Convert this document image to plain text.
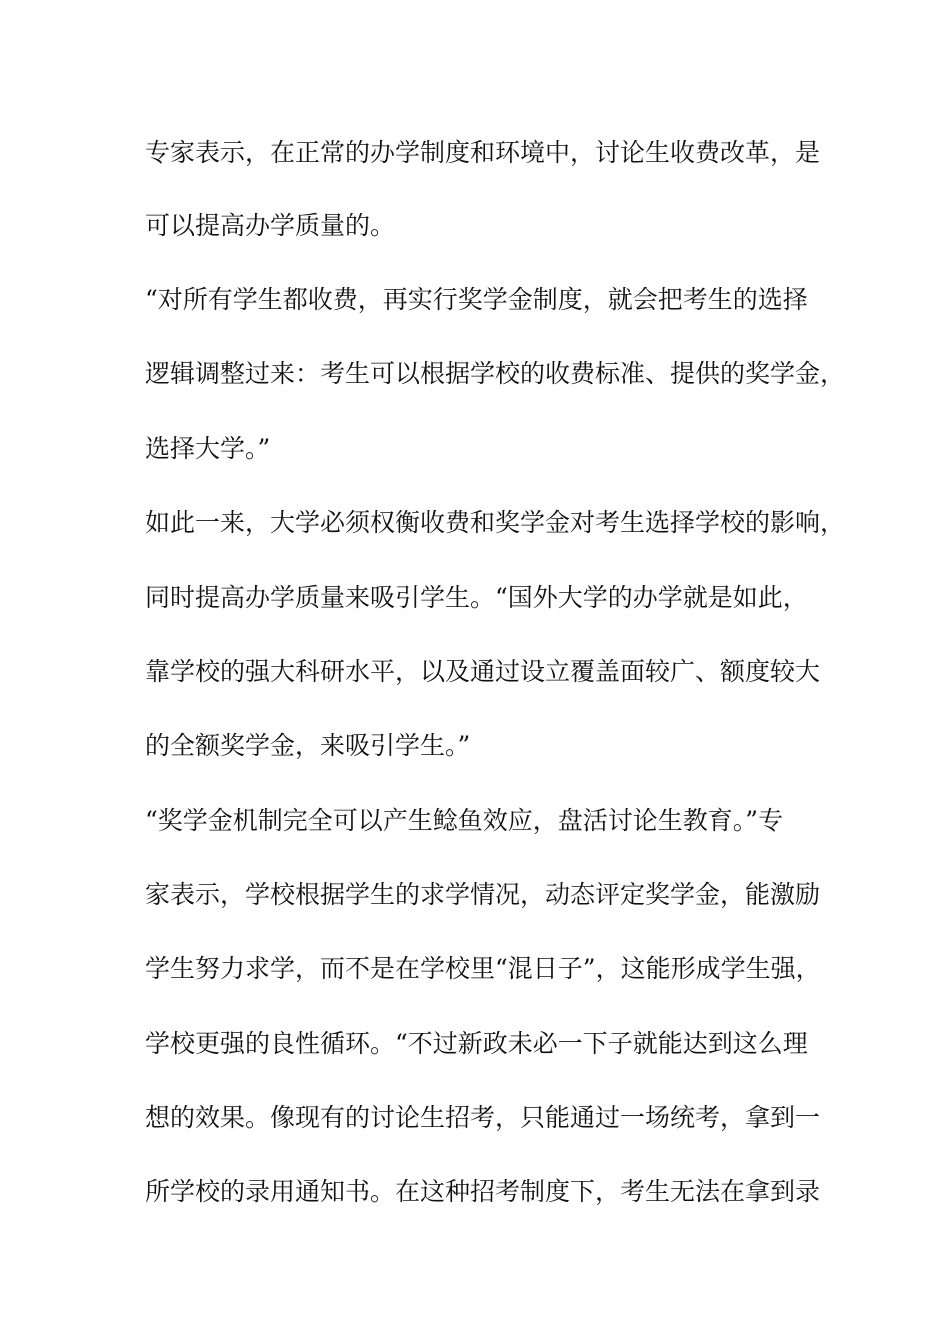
专家表示，在正常的办学制度和环境中，讨论生收费改革，是
可以提高办学质量的。
“对所有学生都收费，再实行奖学金制度，就会把考生的选择
逻辑调整过来：考生可以根据学校的收费标准、提供的奖学金，
选择大学。”
如此一来，大学必须权衡收费和奖学金对考生选择学校的影响，
同时提高办学质量来吸引学生。“国外大学的办学就是如此，
靠学校的强大科研水平，以及通过设立覆盖面较广、额度较大
的全额奖学金，来吸引学生。”
“奖学金机制完全可以产生鲶鱼效应，盘活讨论生教育。”专
家表示，学校根据学生的求学情况，动态评定奖学金，能激励
学生努力求学，而不是在学校里“混日子”，这能形成学生强，
学校更强的良性循环。“不过新政未必一下子就能达到这么理
想的效果。像现有的讨论生招考，只能通过一场统考，拿到一
所学校的录用通知书。在这种招考制度下，考生无法在拿到录
